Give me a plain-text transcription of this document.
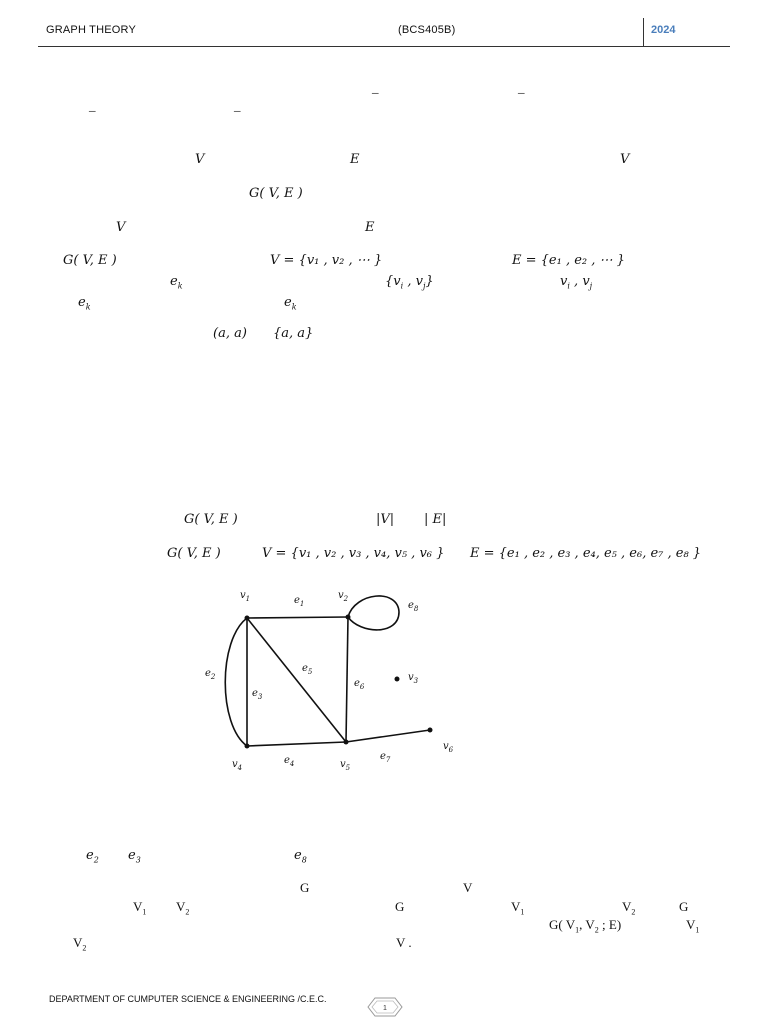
GRAPH THEORY	(BCS405B)	2024
_	_
_	_
V	E	V
G( V, E )
V	E
G( V, E )	V = {v₁ , v₂ , ⋯ }	E = {e₁ , e₂ , ⋯ }
$e_k$	{$v_i$ , $v_j$}	$v_i$ , $v_j$
$e_k$	$e_k$
(a, a) {a, a}
G( V, E )	|V| | E|
G( V, E )	V = {v₁ , v₂ , v₃ , v₄, v₅ , v₆ } E = {e₁ , e₂ , e₃ , e₄, e₅ , e₆, e₇ , e₈ }
$v_1$	$v_2$
$v_3$
$v_4$	$v_5$
$v_6$
$e_1$
$e_2$
$e_3$
$e_4$
$e_5$
$e_6$
$e_7$
$e_8$
$e_2$ $e_3$	$e_8$
G	V
$V_1$ $V_2$	G	$V_1$	$V_2$	G
G( $V_1$, $V_2$ ; E)	$V_1$
$V_2$	V .
DEPARTMENT OF CUMPUTER SCIENCE & ENGINEERING /C.E.C.
1
